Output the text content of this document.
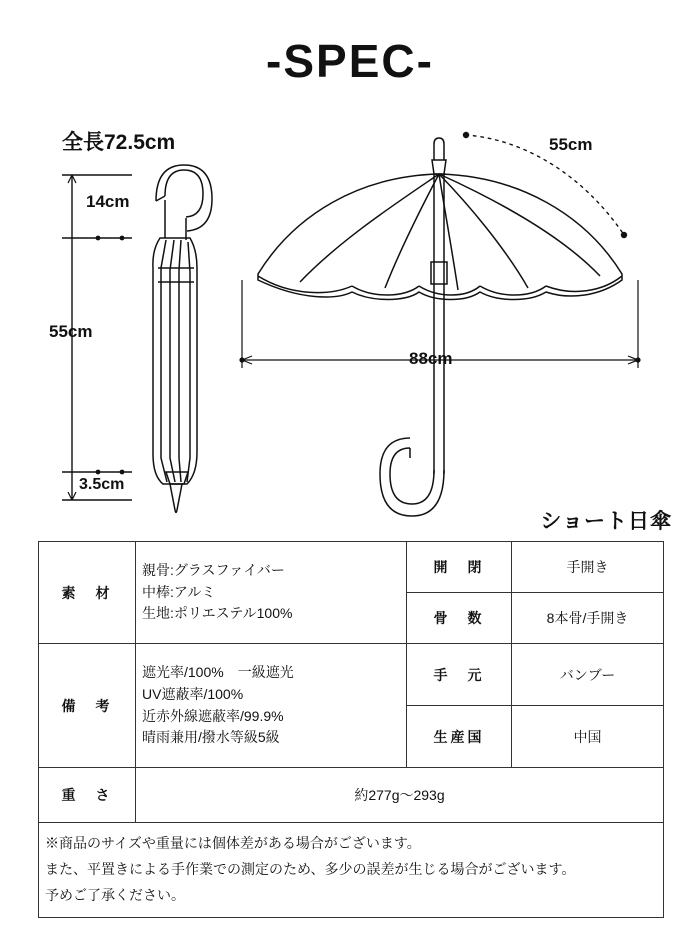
-SPEC-
全長72.5cm
14cm
55cm
3.5cm
55cm
88cm
ショート日傘
素　材	親骨:グラスファイバー
中棒:アルミ
生地:ポリエステル100%	開　閉	手開き
		骨　数	8本骨/手開き
備　考	遮光率/100%　一級遮光
UV遮蔽率/100%
近赤外線遮蔽率/99.9%
晴雨兼用/撥水等級5級	手　元	バンブー
		生産国	中国
重　さ	約277g〜293g		

※商品のサイズや重量には個体差がある場合がございます。
また、平置きによる手作業での測定のため、多少の誤差が生じる場合がございます。
予めご了承ください。			
